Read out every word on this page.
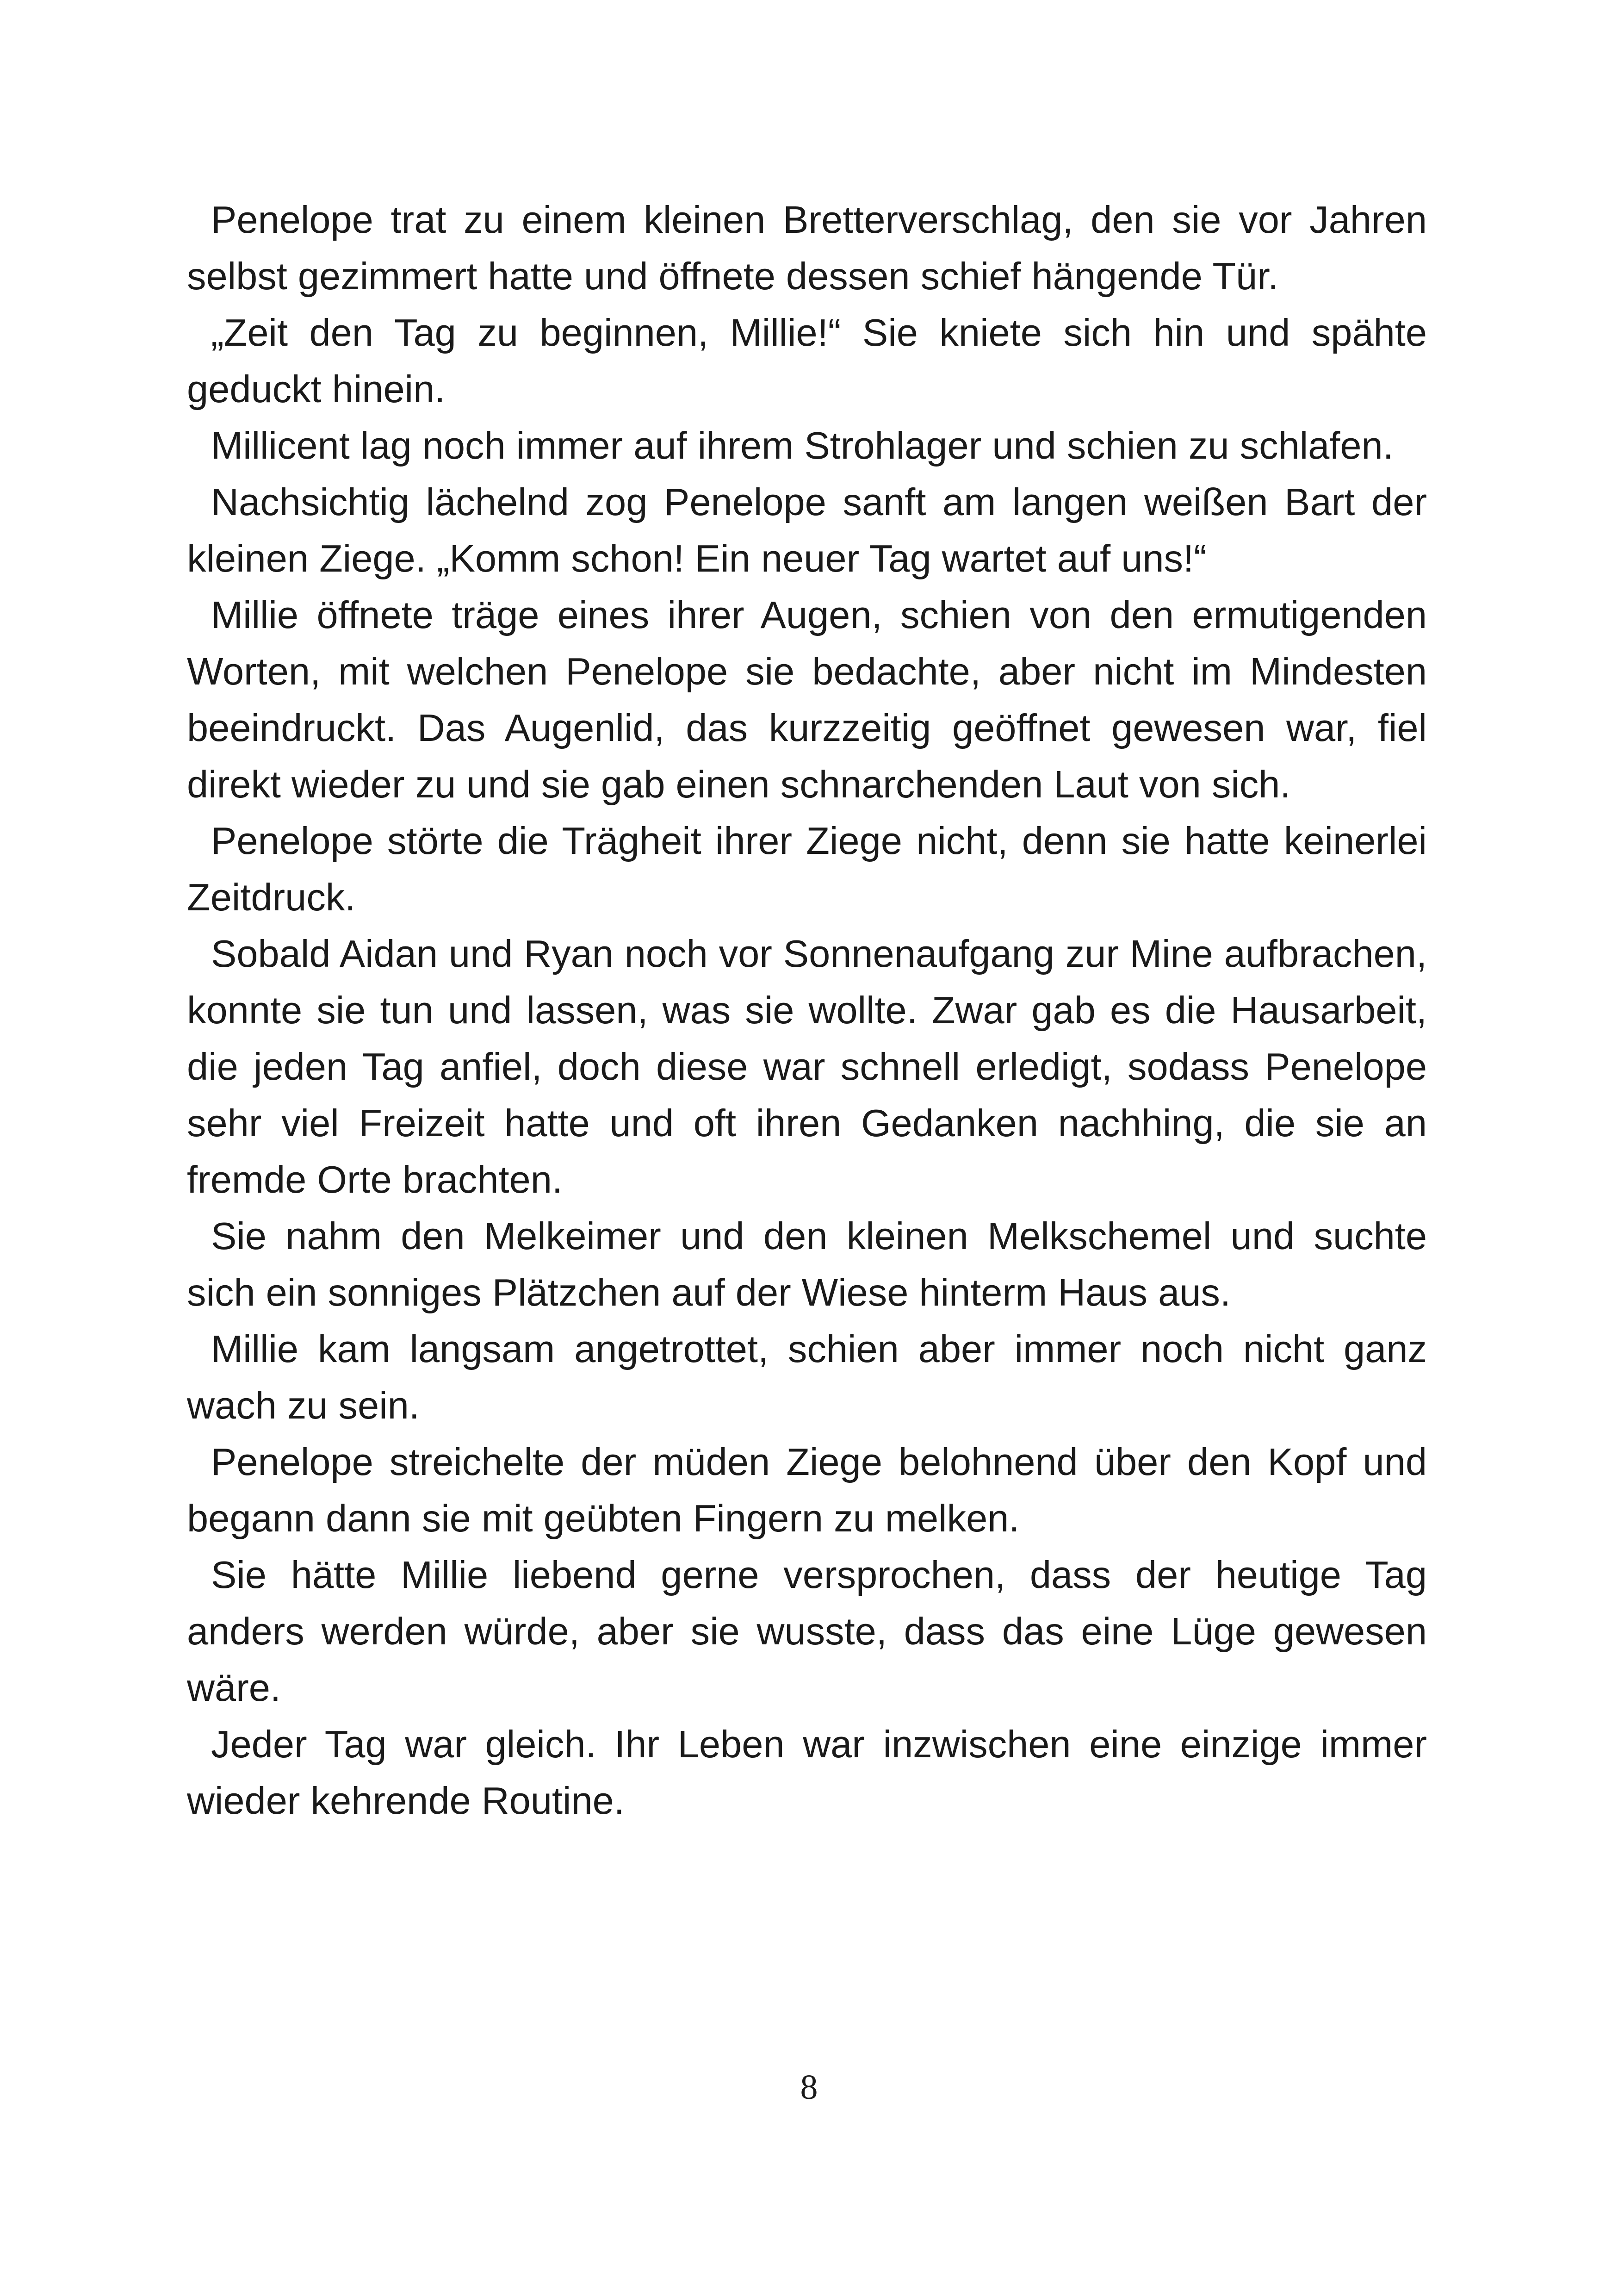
Penelope trat zu einem kleinen Bretterverschlag, den sie vor Jahren selbst gezimmert hatte und öffnete dessen schief hängende Tür.

„Zeit den Tag zu beginnen, Millie!“ Sie kniete sich hin und spähte geduckt hinein.

Millicent lag noch immer auf ihrem Strohlager und schien zu schlafen.

Nachsichtig lächelnd zog Penelope sanft am langen weißen Bart der kleinen Ziege. „Komm schon! Ein neuer Tag wartet auf uns!“

Millie öffnete träge eines ihrer Augen, schien von den ermutigenden Worten, mit welchen Penelope sie bedachte, aber nicht im Mindesten beeindruckt. Das Augenlid, das kurzzeitig geöffnet gewesen war, fiel direkt wieder zu und sie gab einen schnarchenden Laut von sich.

Penelope störte die Trägheit ihrer Ziege nicht, denn sie hatte keinerlei Zeitdruck.

Sobald Aidan und Ryan noch vor Sonnenaufgang zur Mine aufbrachen, konnte sie tun und lassen, was sie wollte. Zwar gab es die Hausarbeit, die jeden Tag anfiel, doch diese war schnell erledigt, sodass Penelope sehr viel Freizeit hatte und oft ihren Gedanken nachhing, die sie an fremde Orte brachten.

Sie nahm den Melkeimer und den kleinen Melkschemel und suchte sich ein sonniges Plätzchen auf der Wiese hinterm Haus aus.

Millie kam langsam angetrottet, schien aber immer noch nicht ganz wach zu sein.

Penelope streichelte der müden Ziege belohnend über den Kopf und begann dann sie mit geübten Fingern zu melken.

Sie hätte Millie liebend gerne versprochen, dass der heutige Tag anders werden würde, aber sie wusste, dass das eine Lüge gewesen wäre.

Jeder Tag war gleich. Ihr Leben war inzwischen eine einzige immer wieder kehrende Routine.

8
